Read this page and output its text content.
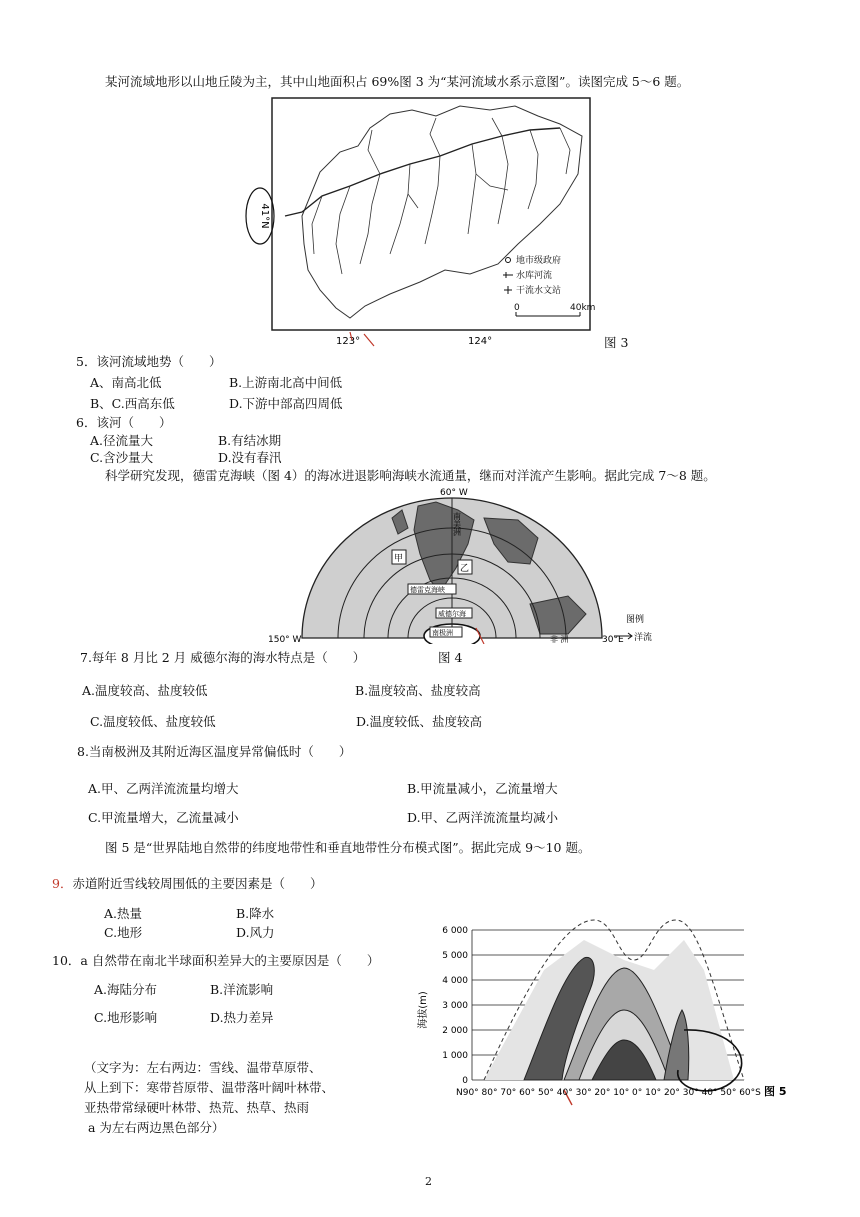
某河流域地形以山地丘陵为主，其中山地面积占 69%图 3 为“某河流域水系示意图”。读图完成 5～6 题。
41°N
地市级政府
水库河流
干流水文站
0	40km
123°	124°	图 3
5．该河流域地势（　　）
A、南高北低	B.上游南北高中间低
B、C.西高东低	D.下游中部高四周低
6．该河（　　）
A.径流量大	B.有结冰期
C.含沙量大	D.没有春汛
科学研究发现，德雷克海峡（图 4）的海冰进退影响海峡水流通量，继而对洋流产生影响。据此完成 7～8 题。
60° W
150° W	30°E
南美洲
非 洲
甲
乙
德雷克海峡
威德尔海
南极洲
图例
洋流
7.每年 8 月比 2 月 威德尔海的海水特点是（　　）	图 4
A.温度较高、盐度较低	B.温度较高、盐度较高
C.温度较低、盐度较低	D.温度较低、盐度较高
8.当南极洲及其附近海区温度异常偏低时（　　）
A.甲、乙两洋流流量均增大	B.甲流量减小，乙流量增大
C.甲流量增大，乙流量减小	D.甲、乙两洋流流量均减小
图 5 是“世界陆地自然带的纬度地带性和垂直地带性分布模式图”。据此完成 9～10 题。
9．赤道附近雪线较周围低的主要因素是（　　）
A.热量	B.降水
C.地形	D.风力
10．a 自然带在南北半球面积差异大的主要原因是（　　）
A.海陆分布	B.洋流影响
C.地形影响	D.热力差异
（文字为：左右两边：雪线、温带草原带、
从上到下：寒带苔原带、温带落叶阔叶林带、
亚热带常绿硬叶林带、热荒、热草、热雨
a 为左右两边黑色部分）
海拔(m)
6 000
5 000
4 000
3 000
2 000
1 000
0
N90° 80° 70° 60° 50° 40° 30° 20° 10° 0° 10° 20° 30° 40° 50° 60°S 图 5
2
